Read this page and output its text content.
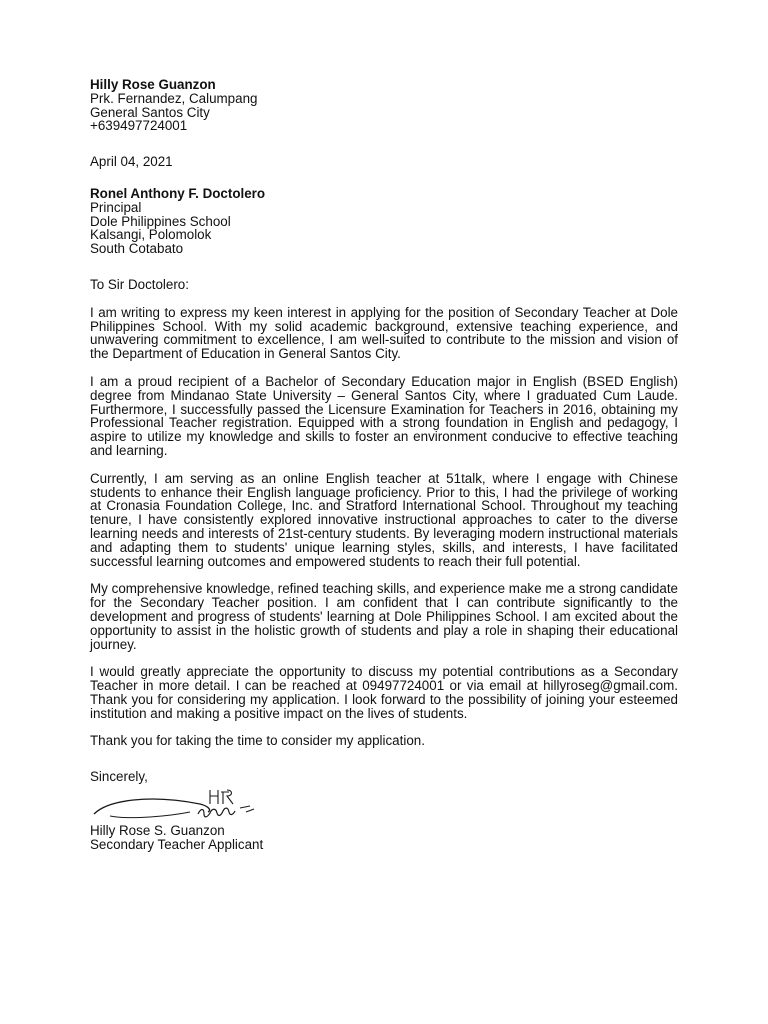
Hilly Rose Guanzon
Prk. Fernandez, Calumpang
General Santos City
+639497724001
April 04, 2021
Ronel Anthony F. Doctolero
Principal
Dole Philippines School
Kalsangi, Polomolok
South Cotabato
To Sir Doctolero:

I am writing to express my keen interest in applying for the position of Secondary Teacher at Dole Philippines School. With my solid academic background, extensive teaching experience, and unwavering commitment to excellence, I am well-suited to contribute to the mission and vision of the Department of Education in General Santos City.

I am a proud recipient of a Bachelor of Secondary Education major in English (BSED English) degree from Mindanao State University – General Santos City, where I graduated Cum Laude. Furthermore, I successfully passed the Licensure Examination for Teachers in 2016, obtaining my Professional Teacher registration. Equipped with a strong foundation in English and pedagogy, I aspire to utilize my knowledge and skills to foster an environment conducive to effective teaching and learning.

Currently, I am serving as an online English teacher at 51talk, where I engage with Chinese students to enhance their English language proficiency. Prior to this, I had the privilege of working at Cronasia Foundation College, Inc. and Stratford International School. Throughout my teaching tenure, I have consistently explored innovative instructional approaches to cater to the diverse learning needs and interests of 21st-century students. By leveraging modern instructional materials and adapting them to students' unique learning styles, skills, and interests, I have facilitated successful learning outcomes and empowered students to reach their full potential.

My comprehensive knowledge, refined teaching skills, and experience make me a strong candidate for the Secondary Teacher position. I am confident that I can contribute significantly to the development and progress of students' learning at Dole Philippines School. I am excited about the opportunity to assist in the holistic growth of students and play a role in shaping their educational journey.

I would greatly appreciate the opportunity to discuss my potential contributions as a Secondary Teacher in more detail. I can be reached at 09497724001 or via email at hillyroseg@gmail.com. Thank you for considering my application. I look forward to the possibility of joining your esteemed institution and making a positive impact on the lives of students.

Thank you for taking the time to consider my application.

Sincerely,
Hilly Rose S. Guanzon
Secondary Teacher Applicant
